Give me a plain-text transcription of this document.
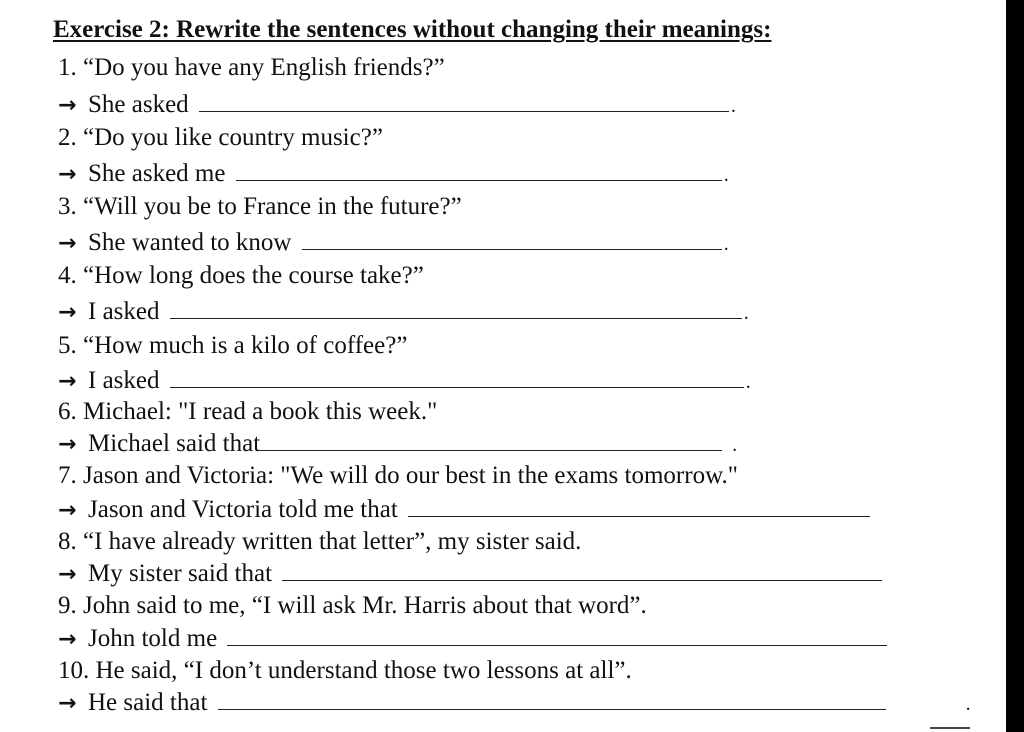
Exercise 2: Rewrite the sentences without changing their meanings:
1. “Do you have any English friends?”
→ She asked	.
2. “Do you like country music?”
→ She asked me	.
3. “Will you be to France in the future?”
→ She wanted to know	.
4. “How long does the course take?”
→ I asked	.
5. “How much is a kilo of coffee?”
→ I asked	.
6. Michael: "I read a book this week."
→ Michael said that	.
7. Jason and Victoria: "We will do our best in the exams tomorrow."
→ Jason and Victoria told me that
8. “I have already written that letter”, my sister said.
→ My sister said that
9. John said to me, “I will ask Mr. Harris about that word”.
→ John told me
10. He said, “I don’t understand those two lessons at all”.
→ He said that	.
